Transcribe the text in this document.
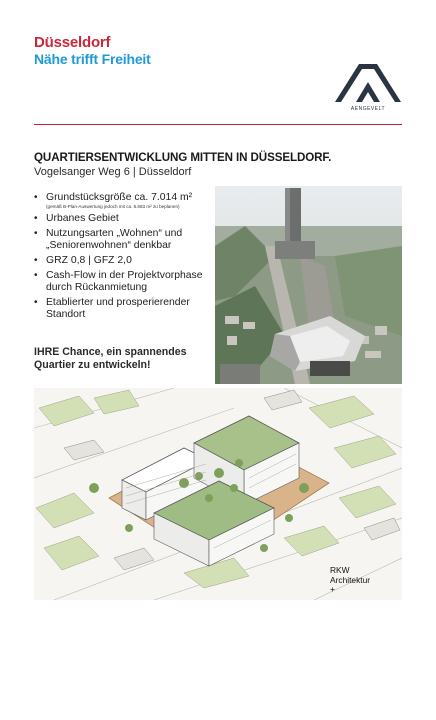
Düsseldorf
Nähe trifft Freiheit
AENGEVELT
QUARTIERSENTWICKLUNG MITTEN IN DÜSSELDORF.
Vogelsanger Weg 6 | Düsseldorf
• Grundstücksgröße ca. 7.014 m²
(gemäß B-Plan-Auswertung jedoch mit ca. 6.683 m² zu beplanen)
• Urbanes Gebiet
• Nutzungsarten „Wohnen“ und „Seniorenwohnen“ denkbar
• GRZ 0,8 | GFZ 2,0
• Cash-Flow in der Projektvorphase durch Rückanmietung
• Etablierter und prosperierender Standort
IHRE Chance, ein spannendes Quartier zu entwickeln!
RKW
Architektur
+
